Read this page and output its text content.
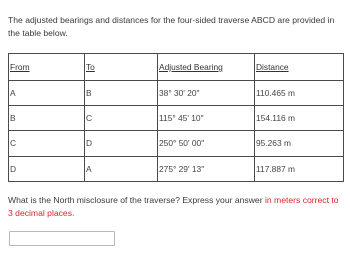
The adjusted bearings and distances for the four-sided traverse ABCD are provided in the table below.
From	To	Adjusted Bearing	Distance
A	B	38° 30' 20"	110.465 m
B	C	115° 45' 10"	154.116 m
C	D	250° 50' 00"	95.263 m
D	A	275° 29' 13"	117.887 m
What is the North misclosure of the traverse? Express your answer in meters correct to 3 decimal places.
